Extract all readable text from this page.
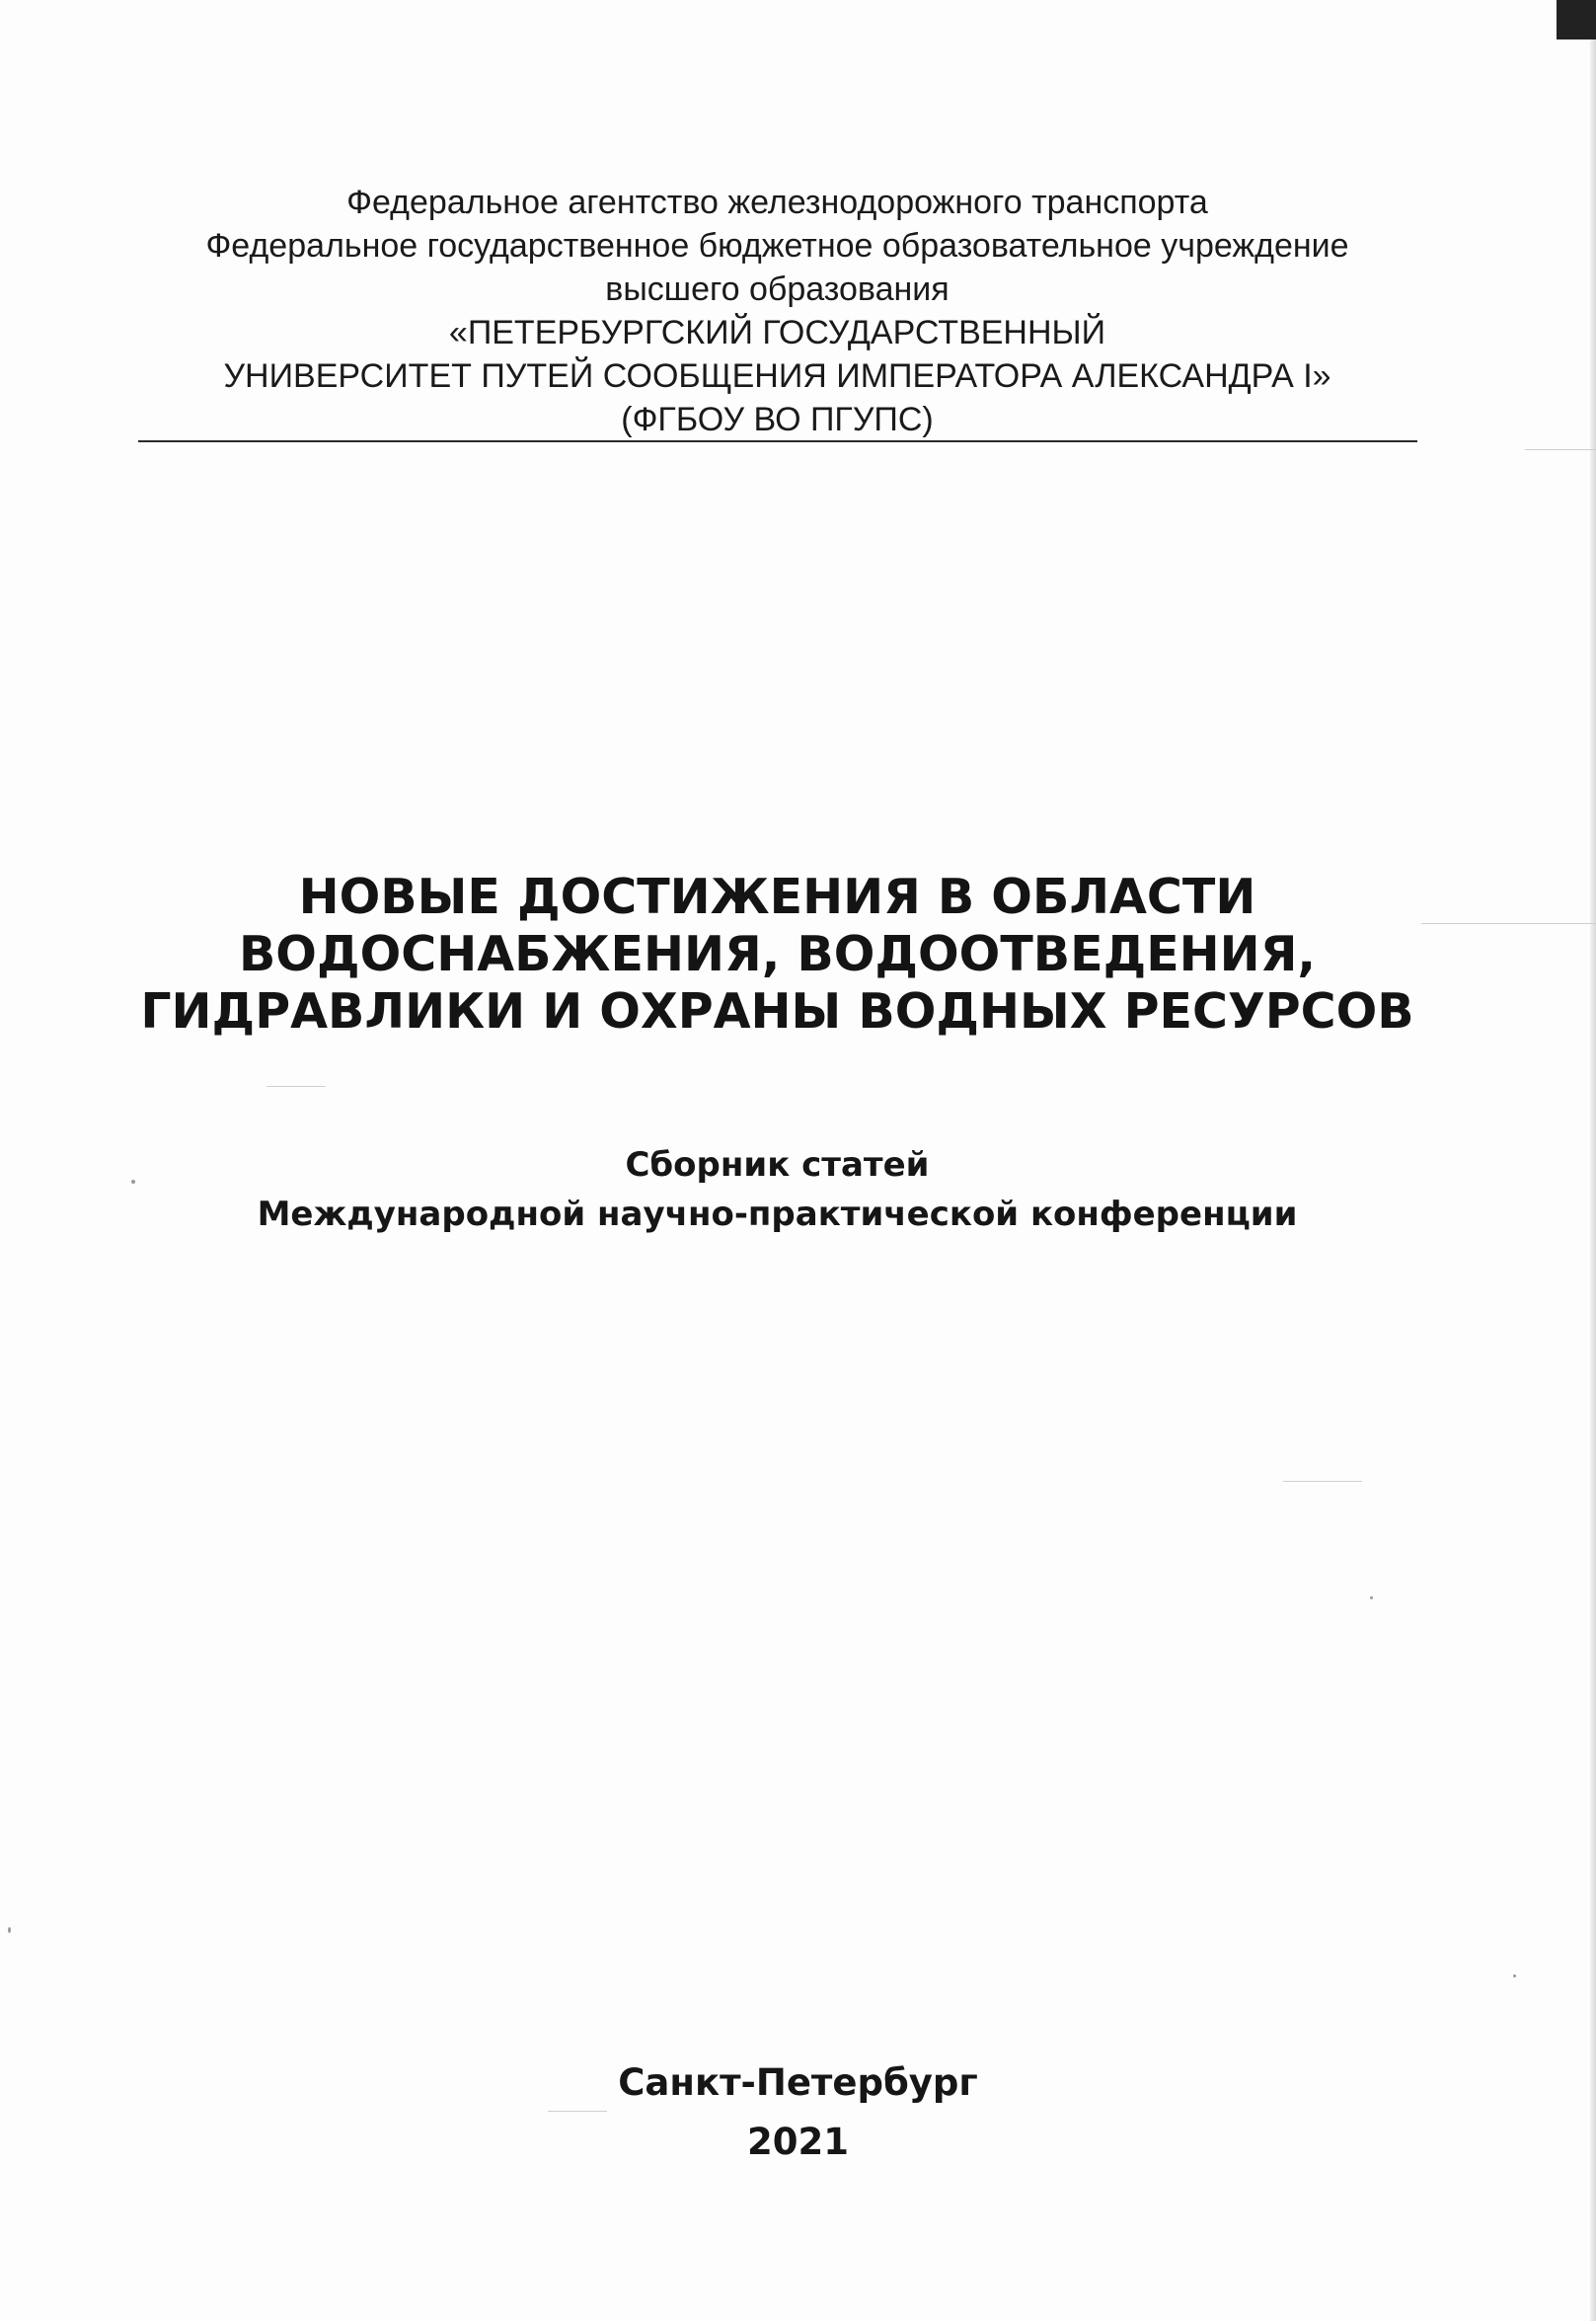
Федеральное агентство железнодорожного транспорта
Федеральное государственное бюджетное образовательное учреждение
высшего образования
«ПЕТЕРБУРГСКИЙ ГОСУДАРСТВЕННЫЙ
УНИВЕРСИТЕТ ПУТЕЙ СООБЩЕНИЯ ИМПЕРАТОРА АЛЕКСАНДРА I»
(ФГБОУ ВО ПГУПС)
НОВЫЕ ДОСТИЖЕНИЯ В ОБЛАСТИ
ВОДОСНАБЖЕНИЯ, ВОДООТВЕДЕНИЯ,
ГИДРАВЛИКИ И ОХРАНЫ ВОДНЫХ РЕСУРСОВ
Сборник статей
Международной научно-практической конференции
Санкт-Петербург
2021
